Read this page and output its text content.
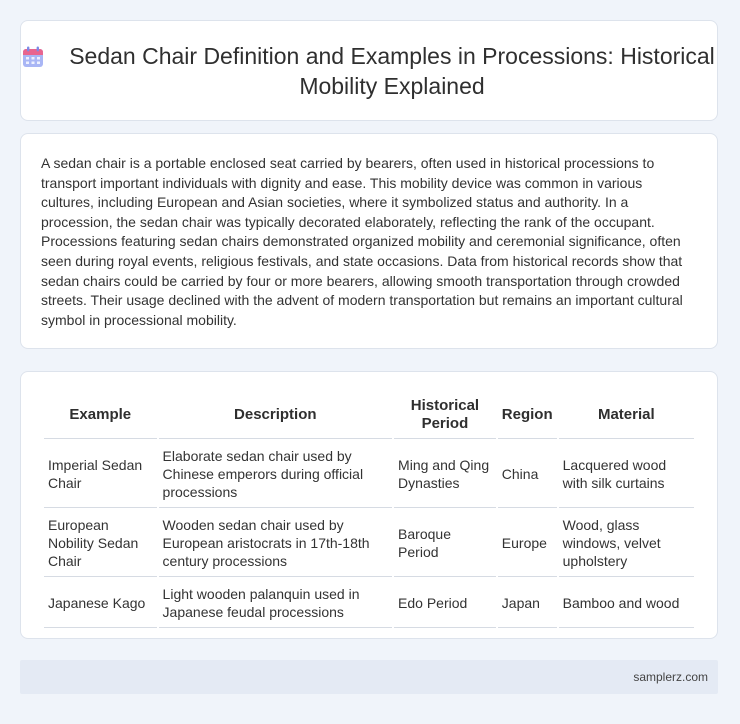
Sedan Chair Definition and Examples in Processions: Historical Mobility Explained

A sedan chair is a portable enclosed seat carried by bearers, often used in historical processions to transport important individuals with dignity and ease. This mobility device was common in various cultures, including European and Asian societies, where it symbolized status and authority. In a procession, the sedan chair was typically decorated elaborately, reflecting the rank of the occupant. Processions featuring sedan chairs demonstrated organized mobility and ceremonial significance, often seen during royal events, religious festivals, and state occasions. Data from historical records show that sedan chairs could be carried by four or more bearers, allowing smooth transportation through crowded streets. Their usage declined with the advent of modern transportation but remains an important cultural symbol in processional mobility.

Example	Description	Historical Period	Region	Material
Imperial Sedan Chair	Elaborate sedan chair used by Chinese emperors during official processions	Ming and Qing Dynasties	China	Lacquered wood with silk curtains
European Nobility Sedan Chair	Wooden sedan chair used by European aristocrats in 17th-18th century processions	Baroque Period	Europe	Wood, glass windows, velvet upholstery
Japanese Kago	Light wooden palanquin used in Japanese feudal processions	Edo Period	Japan	Bamboo and wood
samplerz.com
